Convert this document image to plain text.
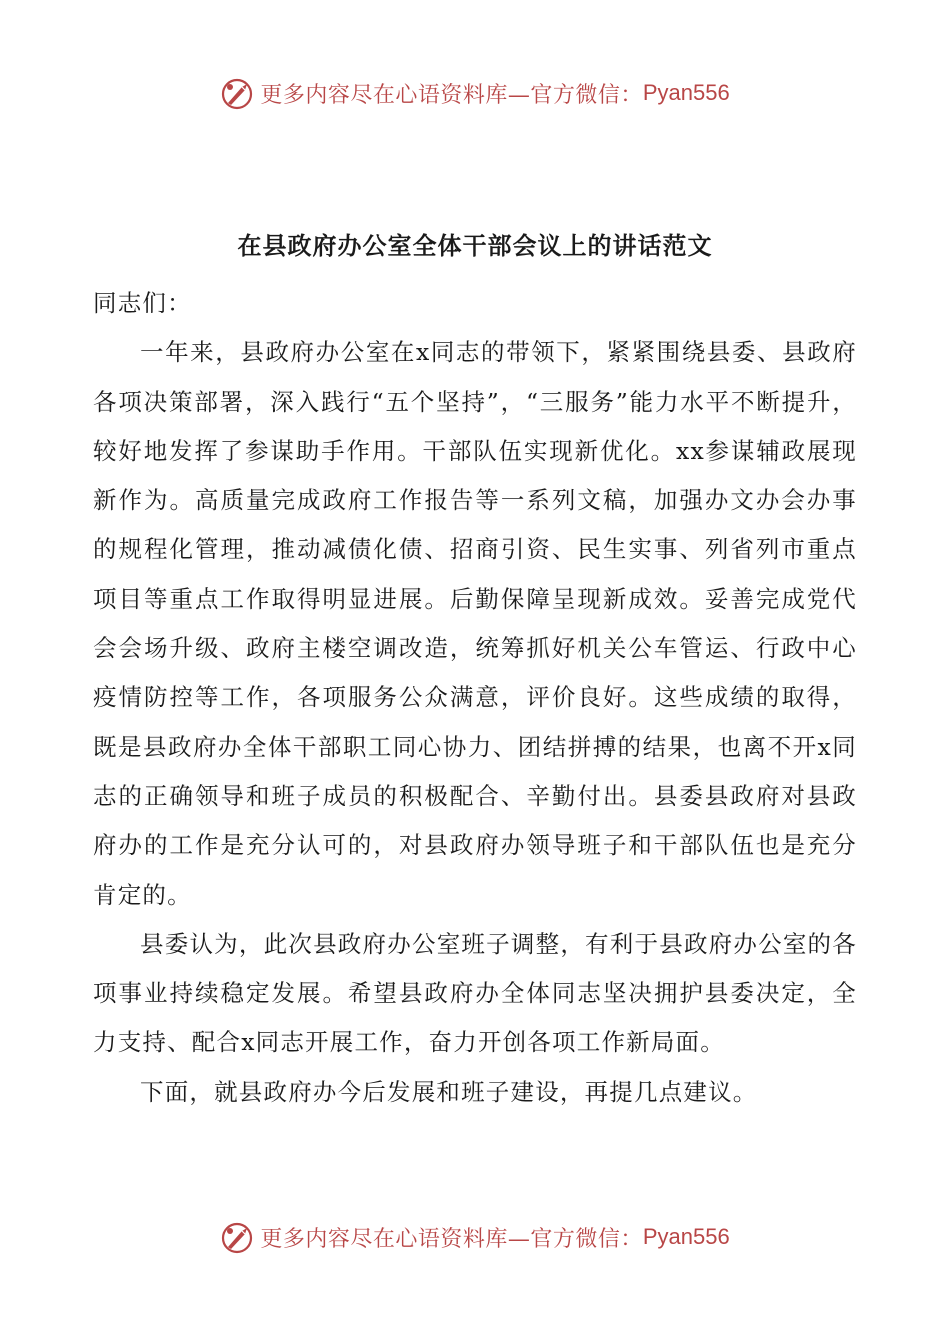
更多内容尽在心语资料库—官方微信： Pyan556
在县政府办公室全体干部会议上的讲话范文

同志们：

一年来，县政府办公室在x同志的带领下，紧紧围绕县委、县政府各项决策部署，深入践行“五个坚持”，“三服务”能力水平不断提升，较好地发挥了参谋助手作用。干部队伍实现新优化。xx参谋辅政展现新作为。高质量完成政府工作报告等一系列文稿，加强办文办会办事的规程化管理，推动减债化债、招商引资、民生实事、列省列市重点项目等重点工作取得明显进展。后勤保障呈现新成效。妥善完成党代会会场升级、政府主楼空调改造，统筹抓好机关公车管运、行政中心疫情防控等工作，各项服务公众满意，评价良好。这些成绩的取得，既是县政府办全体干部职工同心协力、团结拼搏的结果，也离不开x同志的正确领导和班子成员的积极配合、辛勤付出。县委县政府对县政府办的工作是充分认可的，对县政府办领导班子和干部队伍也是充分肯定的。

县委认为，此次县政府办公室班子调整，有利于县政府办公室的各项事业持续稳定发展。希望县政府办全体同志坚决拥护县委决定，全力支持、配合x同志开展工作，奋力开创各项工作新局面。

下面，就县政府办今后发展和班子建设，再提几点建议。

更多内容尽在心语资料库—官方微信： Pyan556
